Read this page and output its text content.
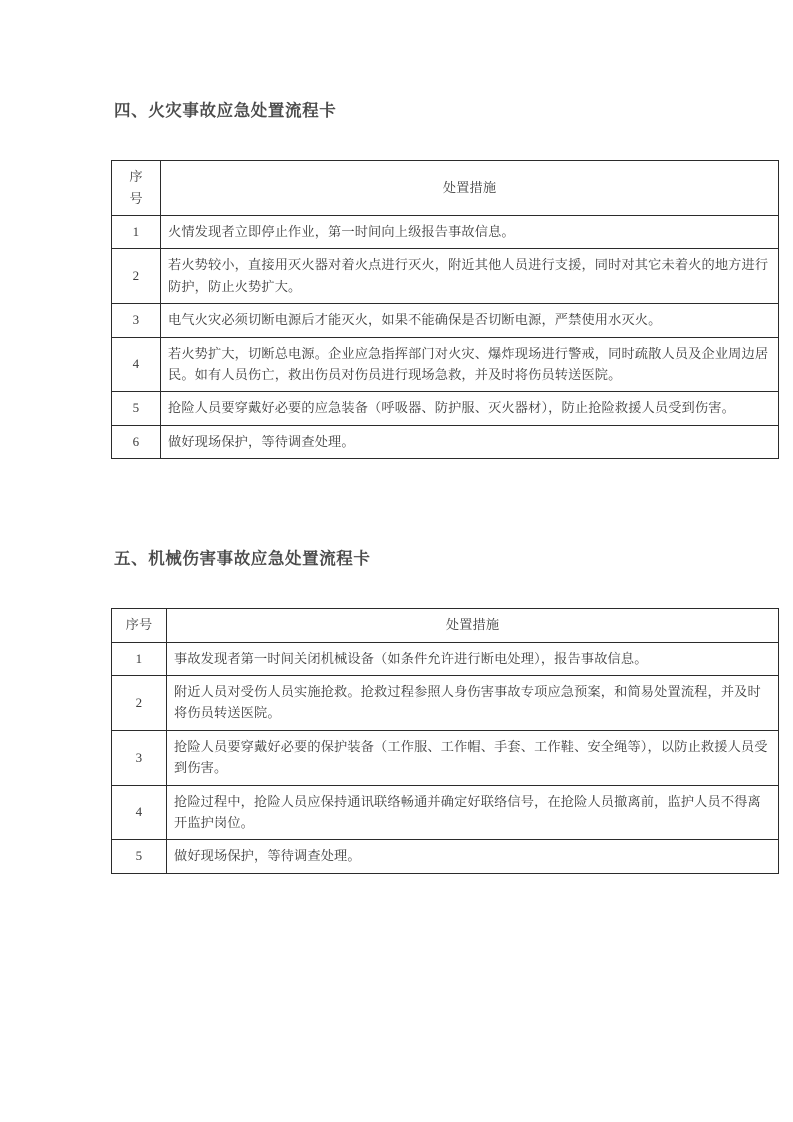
四、火灾事故应急处置流程卡
序
号	处置措施
1	火情发现者立即停止作业，第一时间向上级报告事故信息。
2	若火势较小，直接用灭火器对着火点进行灭火，附近其他人员进行支援，同时对其它未着火的地方进行防护，防止火势扩大。
3	电气火灾必须切断电源后才能灭火，如果不能确保是否切断电源，严禁使用水灭火。
4	若火势扩大，切断总电源。企业应急指挥部门对火灾、爆炸现场进行警戒，同时疏散人员及企业周边居民。如有人员伤亡，救出伤员对伤员进行现场急救，并及时将伤员转送医院。
5	抢险人员要穿戴好必要的应急装备（呼吸器、防护服、灭火器材），防止抢险救援人员受到伤害。
6	做好现场保护，等待调查处理。
五、机械伤害事故应急处置流程卡
序号	处置措施
1	事故发现者第一时间关闭机械设备（如条件允许进行断电处理），报告事故信息。
2	附近人员对受伤人员实施抢救。抢救过程参照人身伤害事故专项应急预案，和简易处置流程，并及时将伤员转送医院。
3	抢险人员要穿戴好必要的保护装备（工作服、工作帽、手套、工作鞋、安全绳等），以防止救援人员受到伤害。
4	抢险过程中，抢险人员应保持通讯联络畅通并确定好联络信号，在抢险人员撤离前，监护人员不得离开监护岗位。
5	做好现场保护，等待调查处理。
